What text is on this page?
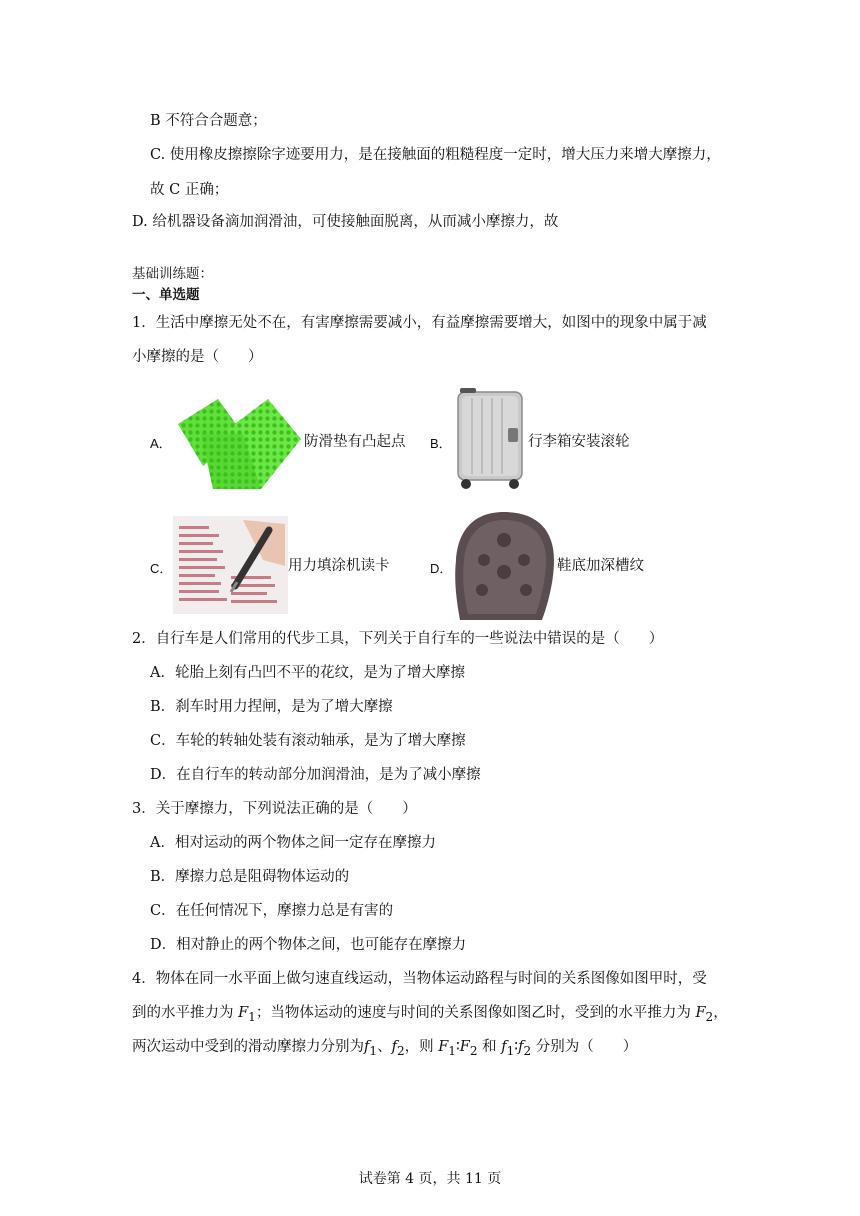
B 不符合合题意；
C. 使用橡皮擦擦除字迹要用力，是在接触面的粗糙程度一定时，增大压力来增大摩擦力，
故 C 正确；
D. 给机器设备滴加润滑油，可使接触面脱离，从而减小摩擦力，故
基础训练题：
一、单选题
1．生活中摩擦无处不在，有害摩擦需要减小，有益摩擦需要增大，如图中的现象中属于减
小摩擦的是（　　）
A．	防滑垫有凸起点 B．	行李箱安装滚轮
C．	用力填涂机读卡	D．	鞋底加深槽纹
2．自行车是人们常用的代步工具，下列关于自行车的一些说法中错误的是（　　）
A．轮胎上刻有凸凹不平的花纹，是为了增大摩擦
B．刹车时用力捏闸，是为了增大摩擦
C．车轮的转轴处装有滚动轴承，是为了增大摩擦
D．在自行车的转动部分加润滑油，是为了减小摩擦
3．关于摩擦力，下列说法正确的是（　　）
A．相对运动的两个物体之间一定存在摩擦力
B．摩擦力总是阻碍物体运动的
C．在任何情况下，摩擦力总是有害的
D．相对静止的两个物体之间，也可能存在摩擦力
4．物体在同一水平面上做匀速直线运动，当物体运动路程与时间的关系图像如图甲时，受
到的水平推力为 $F_1$；当物体运动的速度与时间的关系图像如图乙时，受到的水平推力为 $F_2$，
两次运动中受到的滑动摩擦力分别为$f_1$、$f_2$，则 $F_1∶F_2$ 和 $f_1∶f_2$ 分别为（　　）
试卷第 4 页，共 11 页
